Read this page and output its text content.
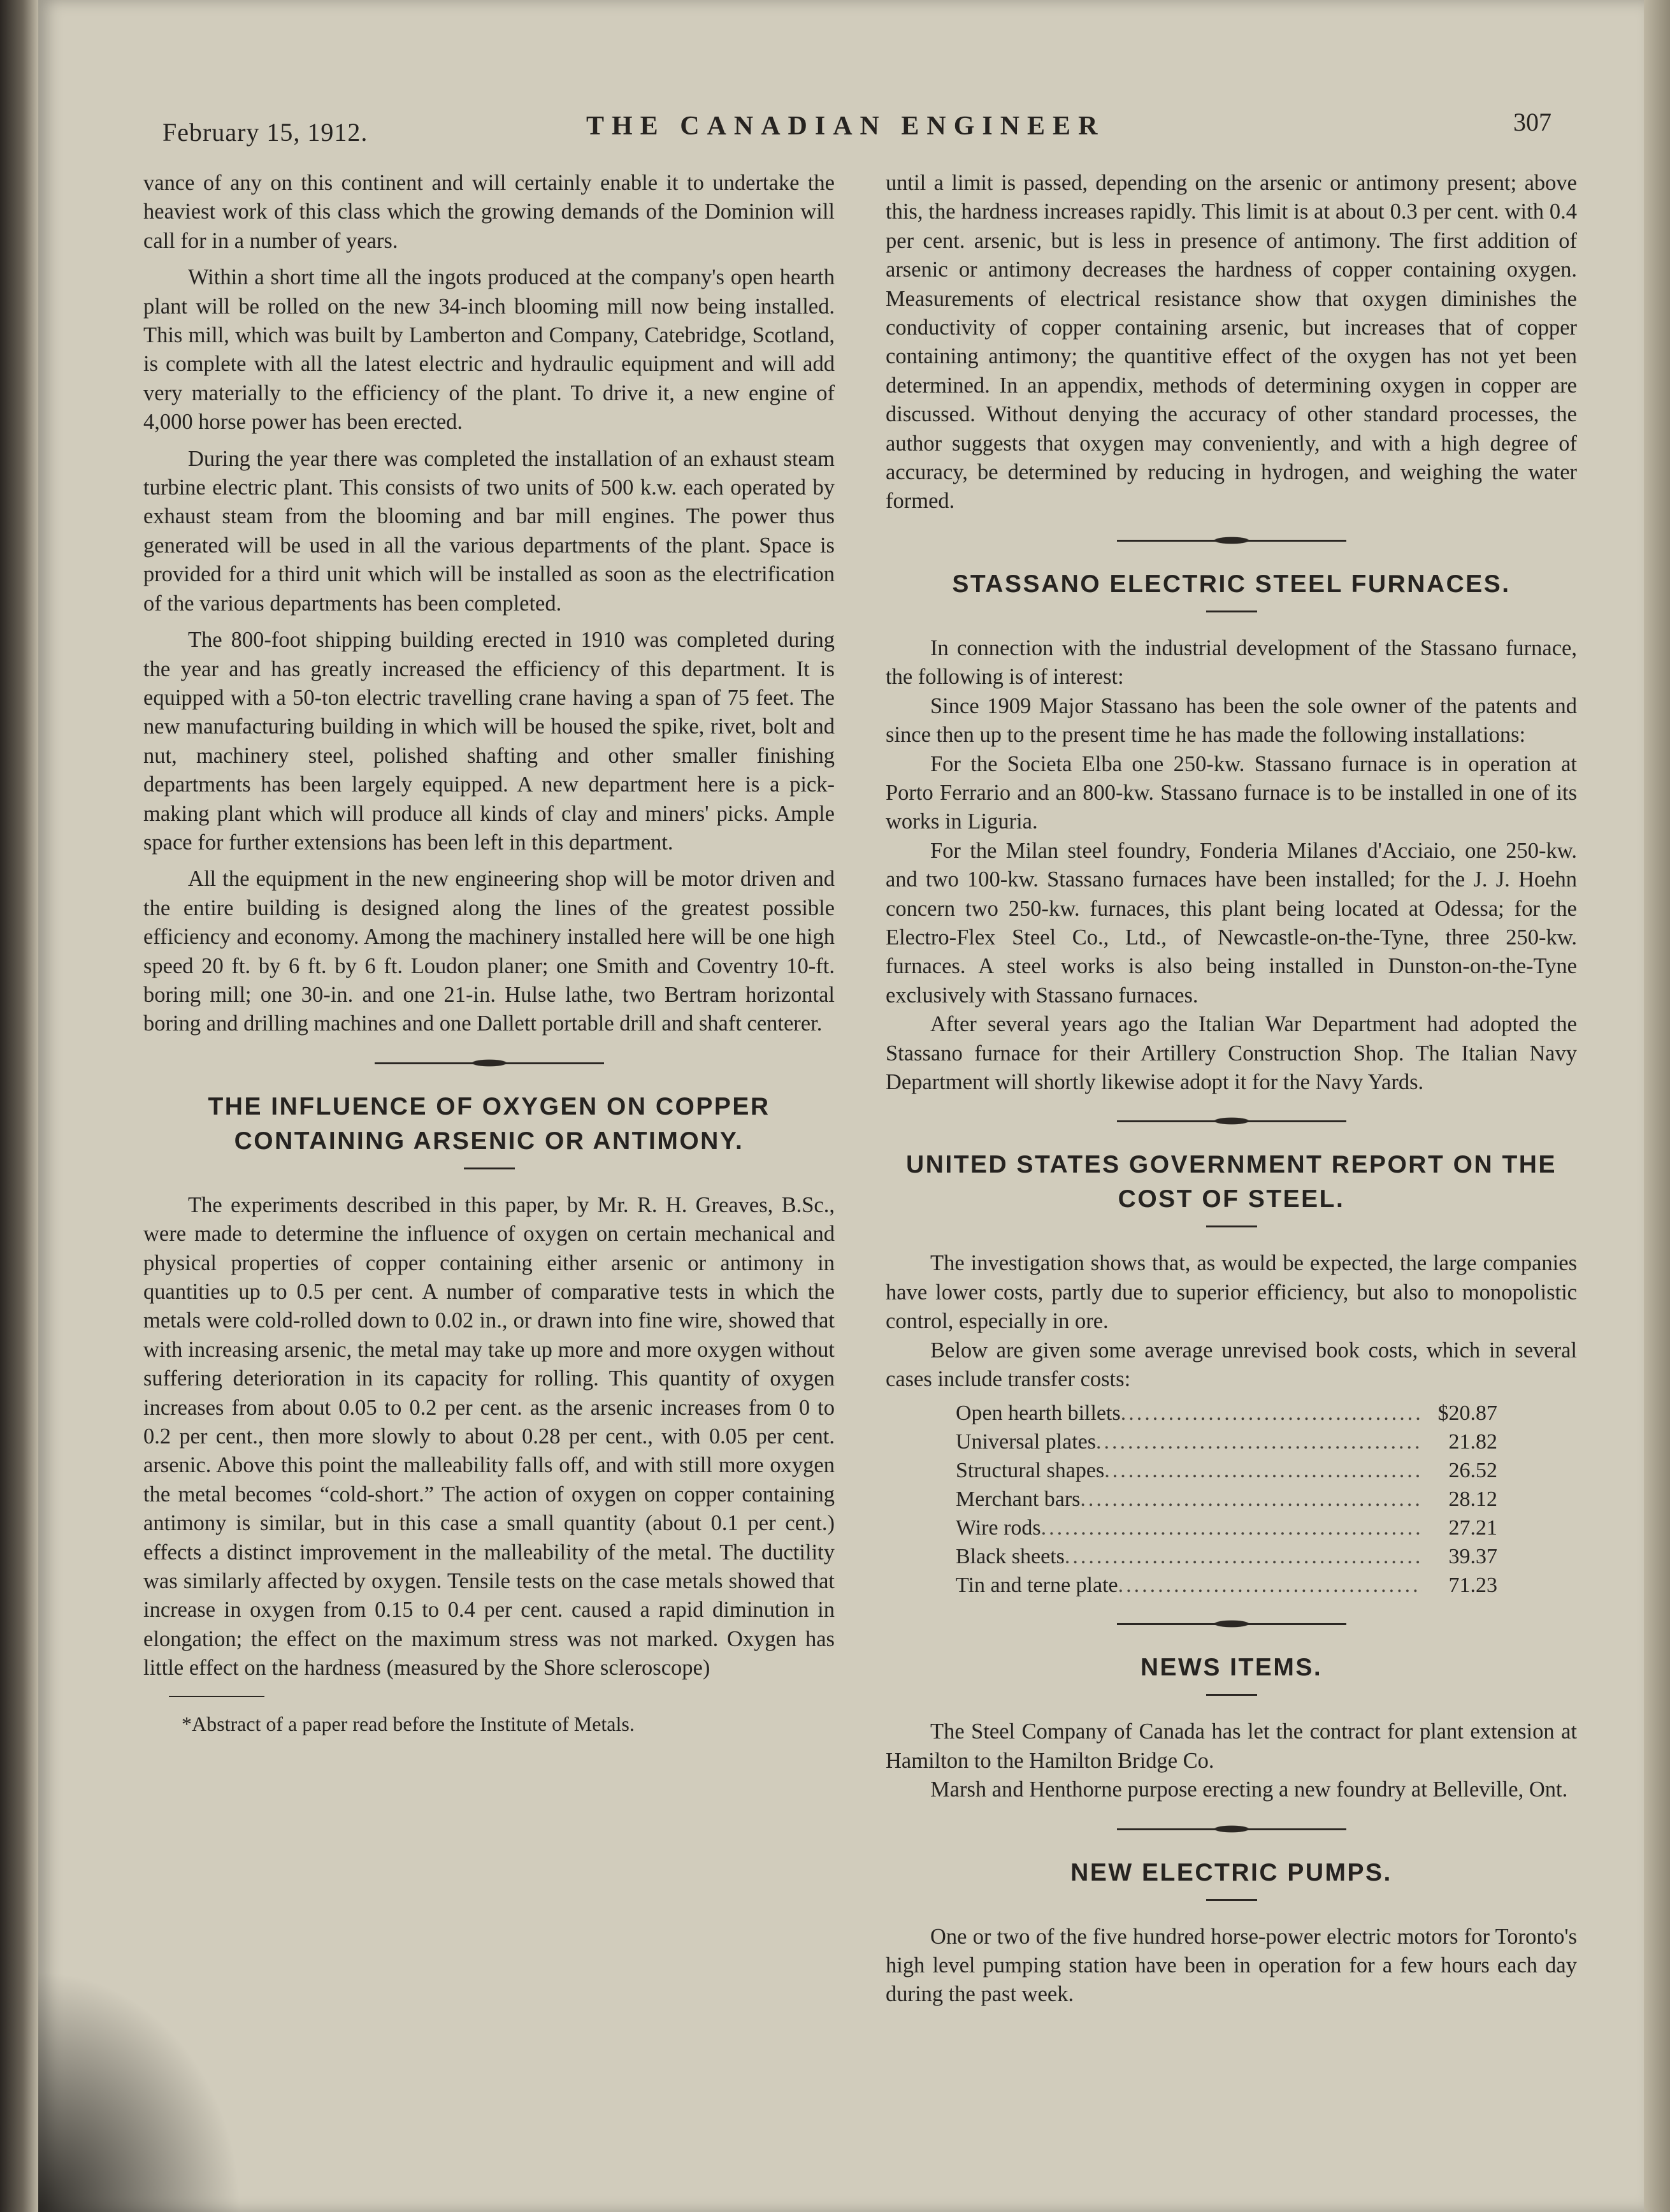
February 15, 1912.	THE CANADIAN ENGINEER	307

vance of any on this continent and will certainly enable it to undertake the heaviest work of this class which the growing demands of the Dominion will call for in a number of years.

Within a short time all the ingots produced at the company's open hearth plant will be rolled on the new 34-inch blooming mill now being installed. This mill, which was built by Lamberton and Company, Catebridge, Scotland, is complete with all the latest electric and hydraulic equipment and will add very materially to the efficiency of the plant. To drive it, a new engine of 4,000 horse power has been erected.

During the year there was completed the installation of an exhaust steam turbine electric plant. This consists of two units of 500 k.w. each operated by exhaust steam from the blooming and bar mill engines. The power thus generated will be used in all the various departments of the plant. Space is provided for a third unit which will be installed as soon as the electrification of the various departments has been completed.

The 800-foot shipping building erected in 1910 was completed during the year and has greatly increased the efficiency of this department. It is equipped with a 50-ton electric travelling crane having a span of 75 feet. The new manufacturing building in which will be housed the spike, rivet, bolt and nut, machinery steel, polished shafting and other smaller finishing departments has been largely equipped. A new department here is a pick-making plant which will produce all kinds of clay and miners' picks. Ample space for further extensions has been left in this department.

All the equipment in the new engineering shop will be motor driven and the entire building is designed along the lines of the greatest possible efficiency and economy. Among the machinery installed here will be one high speed 20 ft. by 6 ft. by 6 ft. Loudon planer; one Smith and Coventry 10-ft. boring mill; one 30-in. and one 21-in. Hulse lathe, two Bertram horizontal boring and drilling machines and one Dallett portable drill and shaft centerer.

THE INFLUENCE OF OXYGEN ON COPPER CONTAINING ARSENIC OR ANTIMONY.

The experiments described in this paper, by Mr. R. H. Greaves, B.Sc., were made to determine the influence of oxygen on certain mechanical and physical properties of copper containing either arsenic or antimony in quantities up to 0.5 per cent. A number of comparative tests in which the metals were cold-rolled down to 0.02 in., or drawn into fine wire, showed that with increasing arsenic, the metal may take up more and more oxygen without suffering deterioration in its capacity for rolling. This quantity of oxygen increases from about 0.05 to 0.2 per cent. as the arsenic increases from 0 to 0.2 per cent., then more slowly to about 0.28 per cent., with 0.05 per cent. arsenic. Above this point the malleability falls off, and with still more oxygen the metal becomes “cold-short.” The action of oxygen on copper containing antimony is similar, but in this case a small quantity (about 0.1 per cent.) effects a distinct improvement in the malleability of the metal. The ductility was similarly affected by oxygen. Tensile tests on the case metals showed that increase in oxygen from 0.15 to 0.4 per cent. caused a rapid diminution in elongation; the effect on the maximum stress was not marked. Oxygen has little effect on the hardness (measured by the Shore scleroscope)

*Abstract of a paper read before the Institute of Metals.

until a limit is passed, depending on the arsenic or antimony present; above this, the hardness increases rapidly. This limit is at about 0.3 per cent. with 0.4 per cent. arsenic, but is less in presence of antimony. The first addition of arsenic or antimony decreases the hardness of copper containing oxygen. Measurements of electrical resistance show that oxygen diminishes the conductivity of copper containing arsenic, but increases that of copper containing antimony; the quantitive effect of the oxygen has not yet been determined. In an appendix, methods of determining oxygen in copper are discussed. Without denying the accuracy of other standard processes, the author suggests that oxygen may conveniently, and with a high degree of accuracy, be determined by reducing in hydrogen, and weighing the water formed.

STASSANO ELECTRIC STEEL FURNACES.

In connection with the industrial development of the Stassano furnace, the following is of interest:

Since 1909 Major Stassano has been the sole owner of the patents and since then up to the present time he has made the following installations:

For the Societa Elba one 250-kw. Stassano furnace is in operation at Porto Ferrario and an 800-kw. Stassano furnace is to be installed in one of its works in Liguria.

For the Milan steel foundry, Fonderia Milanes d'Acciaio, one 250-kw. and two 100-kw. Stassano furnaces have been installed; for the J. J. Hoehn concern two 250-kw. furnaces, this plant being located at Odessa; for the Electro-Flex Steel Co., Ltd., of Newcastle-on-the-Tyne, three 250-kw. furnaces. A steel works is also being installed in Dunston-on-the-Tyne exclusively with Stassano furnaces.

After several years ago the Italian War Department had adopted the Stassano furnace for their Artillery Construction Shop. The Italian Navy Department will shortly likewise adopt it for the Navy Yards.

UNITED STATES GOVERNMENT REPORT ON THE COST OF STEEL.

The investigation shows that, as would be expected, the large companies have lower costs, partly due to superior efficiency, but also to monopolistic control, especially in ore.

Below are given some average unrevised book costs, which in several cases include transfer costs:

Open hearth billets .....	$20.87
Universal plates .....	21.82
Structural shapes .....	26.52
Merchant bars .....	28.12
Wire rods .....	27.21
Black sheets .....	39.37
Tin and terne plate .....	71.23
NEWS ITEMS.

The Steel Company of Canada has let the contract for plant extension at Hamilton to the Hamilton Bridge Co.

Marsh and Henthorne purpose erecting a new foundry at Belleville, Ont.

NEW ELECTRIC PUMPS.

One or two of the five hundred horse-power electric motors for Toronto's high level pumping station have been in operation for a few hours each day during the past week.
